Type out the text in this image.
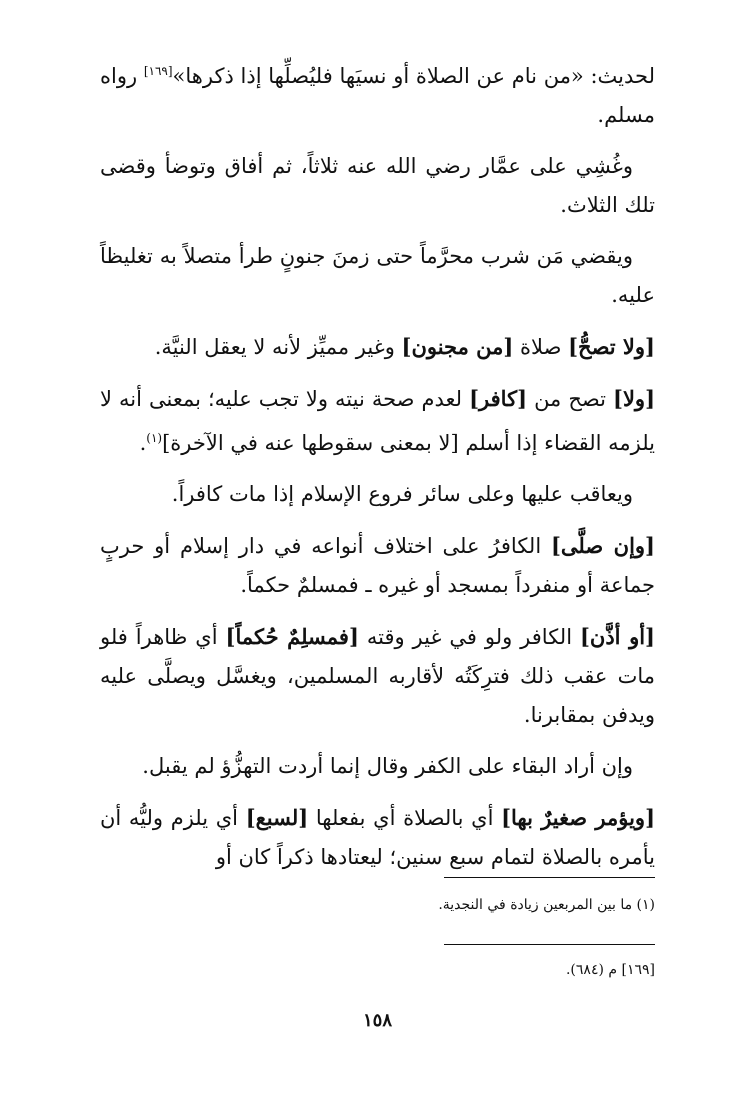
لحديث: «من نام عن الصلاة أو نسيَها فليُصلِّها إذا ذكرها»[١٦٩] رواه مسلم.

وغُشِي على عمَّار رضي الله عنه ثلاثاً، ثم أفاق وتوضأ وقضى تلك الثلاث.

ويقضي مَن شرب محرَّماً حتى زمنَ جنونٍ طرأ متصلاً به تغليظاً عليه.

[ولا تصحُّ] صلاة [من مجنون] وغير مميِّز لأنه لا يعقل النيَّة.

[ولا] تصح من [كافر] لعدم صحة نيته ولا تجب عليه؛ بمعنى أنه لا يلزمه القضاء إذا أسلم [لا بمعنى سقوطها عنه في الآخرة]$^{(١)}$.

ويعاقب عليها وعلى سائر فروع الإسلام إذا مات كافراً.

[وإن صلَّى] الكافرُ على اختلاف أنواعه في دار إسلام أو حربٍ جماعة أو منفرداً بمسجد أو غيره ـ فمسلمٌ حكماً.

[أو أذَّن] الكافر ولو في غير وقته [فمسلِمٌ حُكماً] أي ظاهراً فلو مات عقب ذلك فترِكَتُه لأقاربه المسلمين، ويغسَّل ويصلَّى عليه ويدفن بمقابرنا.

وإن أراد البقاء على الكفر وقال إنما أردت التهزُّؤ لم يقبل.

[ويؤمر صغيرٌ بها] أي بالصلاة أي بفعلها [لسبع] أي يلزم وليُّه أن يأمره بالصلاة لتمام سبع سنين؛ ليعتادها ذكراً كان أو

(١) ما بين المربعين زيادة في النجدية.
[١٦٩] م (٦٨٤).
١٥٨
